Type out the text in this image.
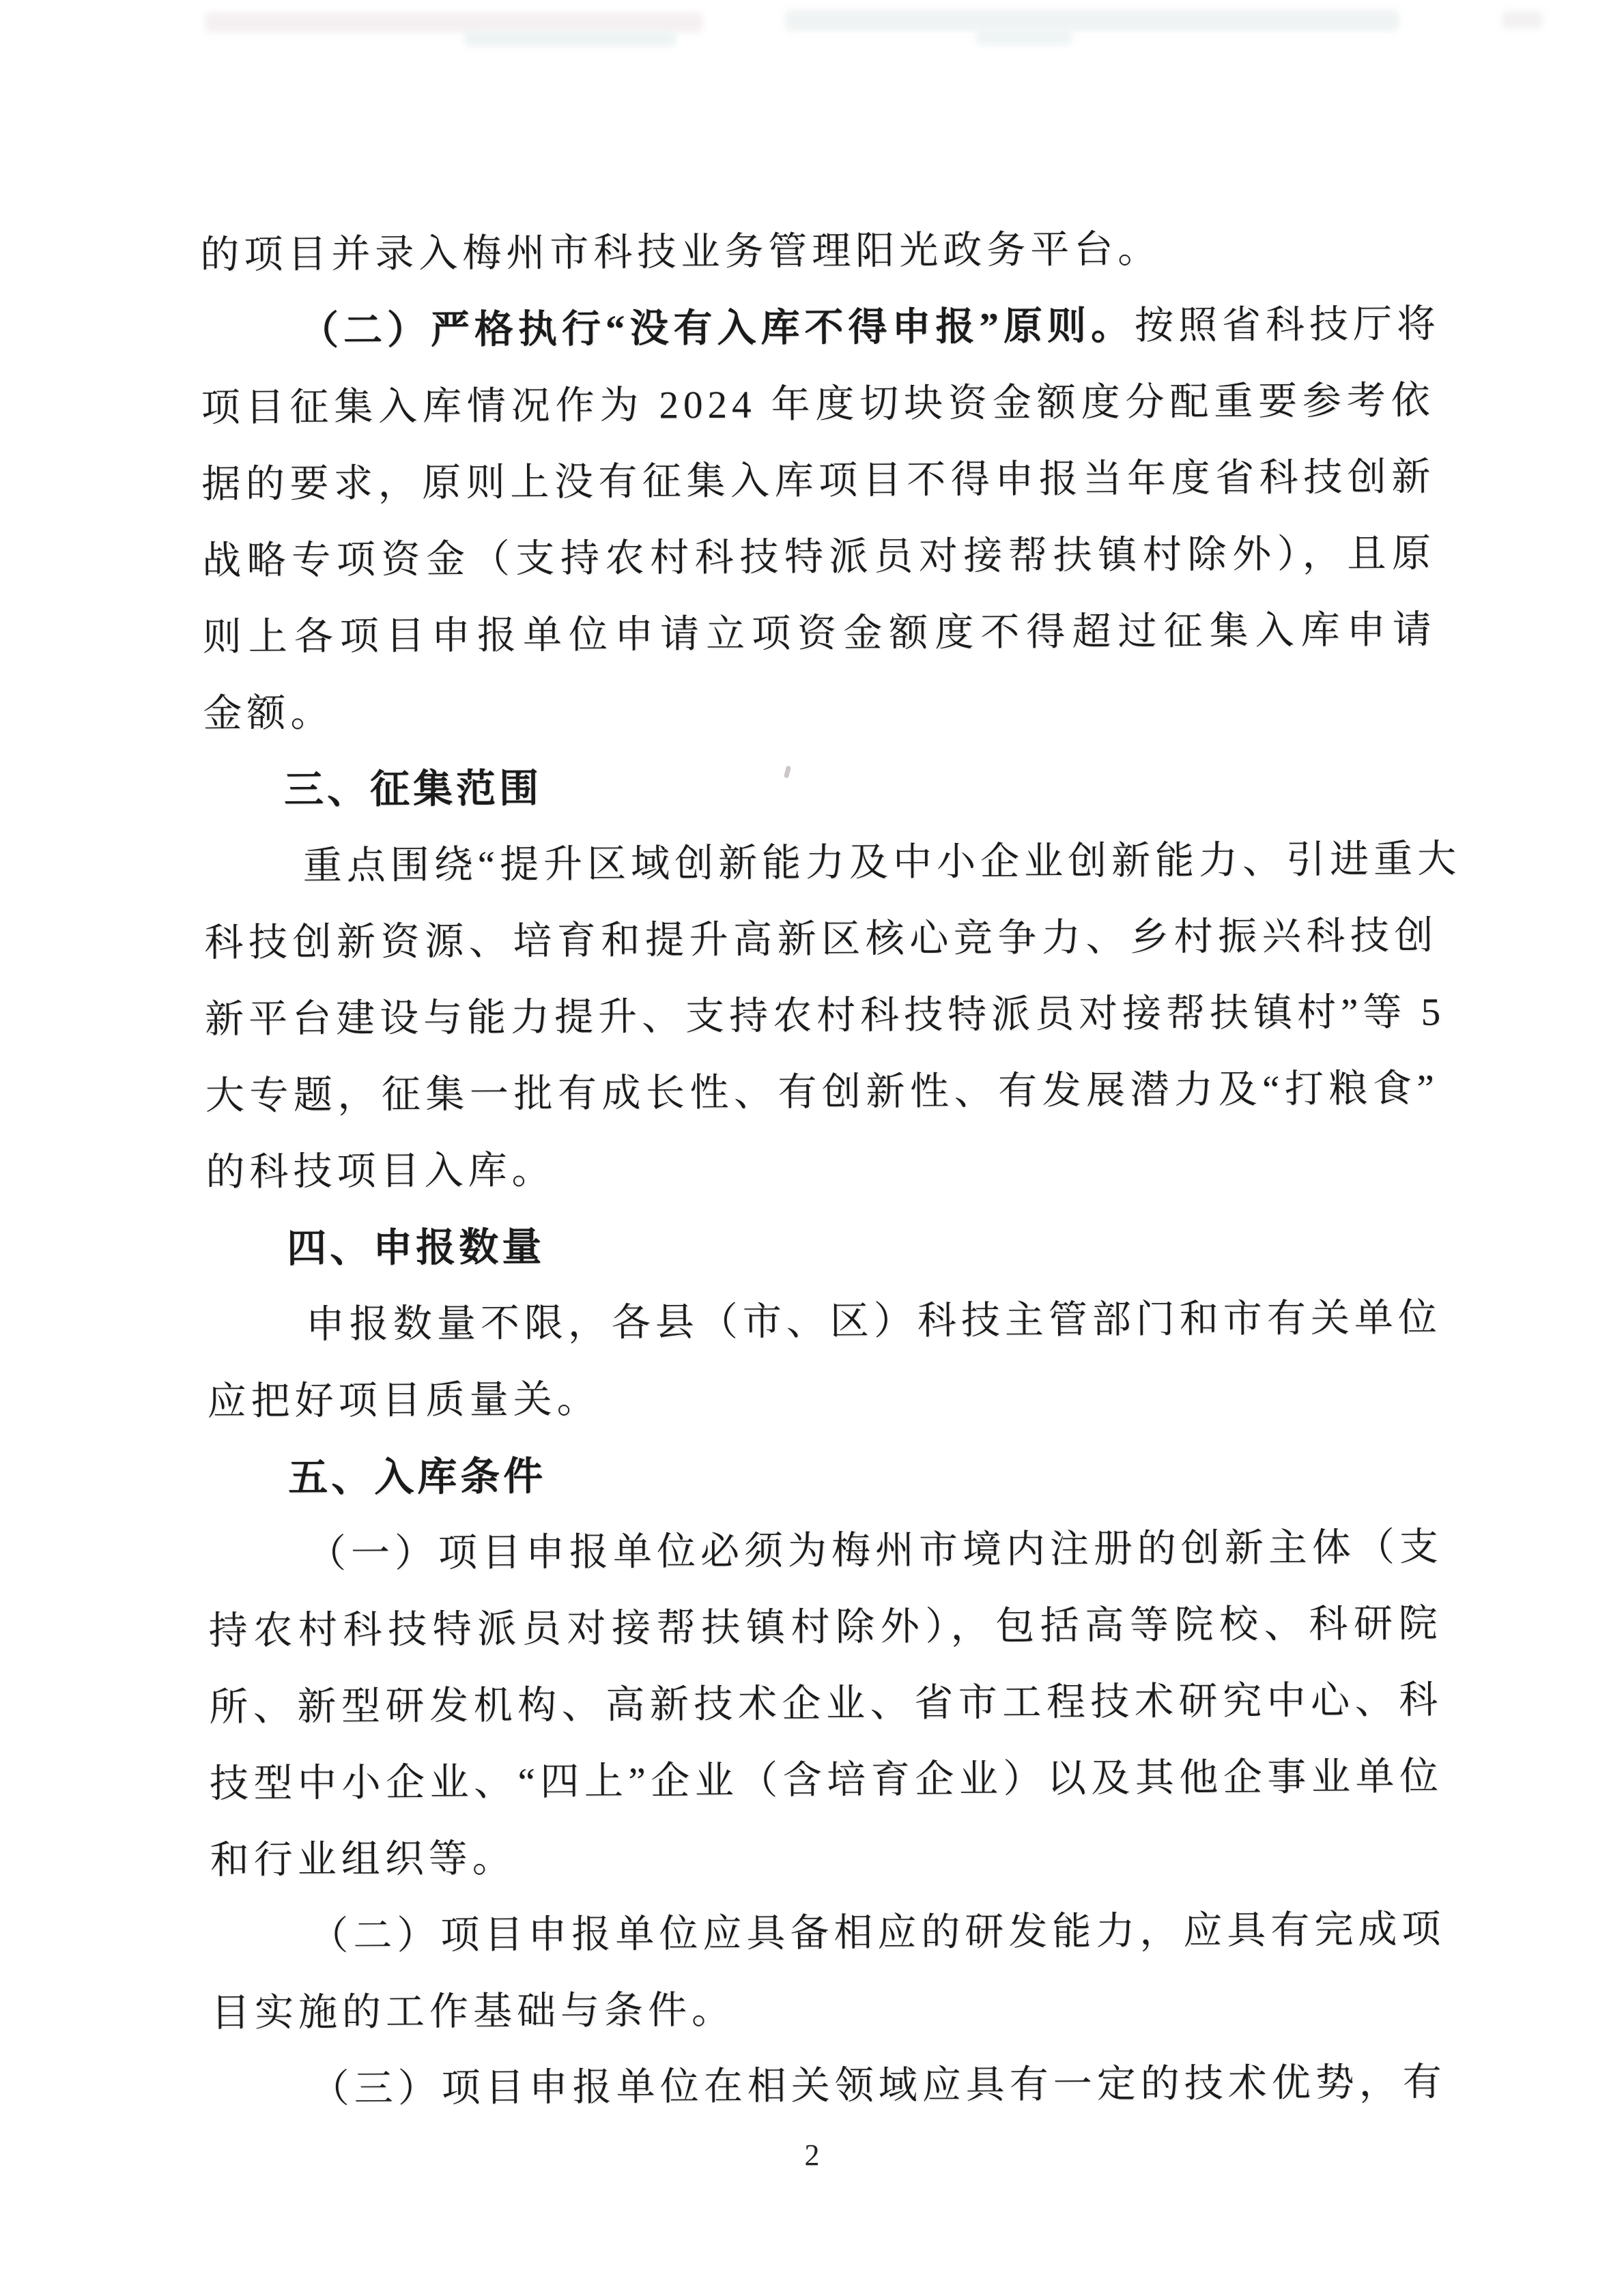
的项目并录入梅州市科技业务管理阳光政务平台。
（二）严格执行“没有入库不得申报”原则。按照省科技厅将
项目征集入库情况作为 2024 年度切块资金额度分配重要参考依
据的要求，原则上没有征集入库项目不得申报当年度省科技创新
战略专项资金（支持农村科技特派员对接帮扶镇村除外），且原
则上各项目申报单位申请立项资金额度不得超过征集入库申请
金额。
三、征集范围
重点围绕“提升区域创新能力及中小企业创新能力、引进重大
科技创新资源、培育和提升高新区核心竞争力、乡村振兴科技创
新平台建设与能力提升、支持农村科技特派员对接帮扶镇村”等 5
大专题，征集一批有成长性、有创新性、有发展潜力及“打粮食”
的科技项目入库。
四、申报数量
申报数量不限，各县（市、区）科技主管部门和市有关单位
应把好项目质量关。
五、入库条件
（一）项目申报单位必须为梅州市境内注册的创新主体（支
持农村科技特派员对接帮扶镇村除外），包括高等院校、科研院
所、新型研发机构、高新技术企业、省市工程技术研究中心、科
技型中小企业、“四上”企业（含培育企业）以及其他企事业单位
和行业组织等。
（二）项目申报单位应具备相应的研发能力，应具有完成项
目实施的工作基础与条件。
（三）项目申报单位在相关领域应具有一定的技术优势，有
2
